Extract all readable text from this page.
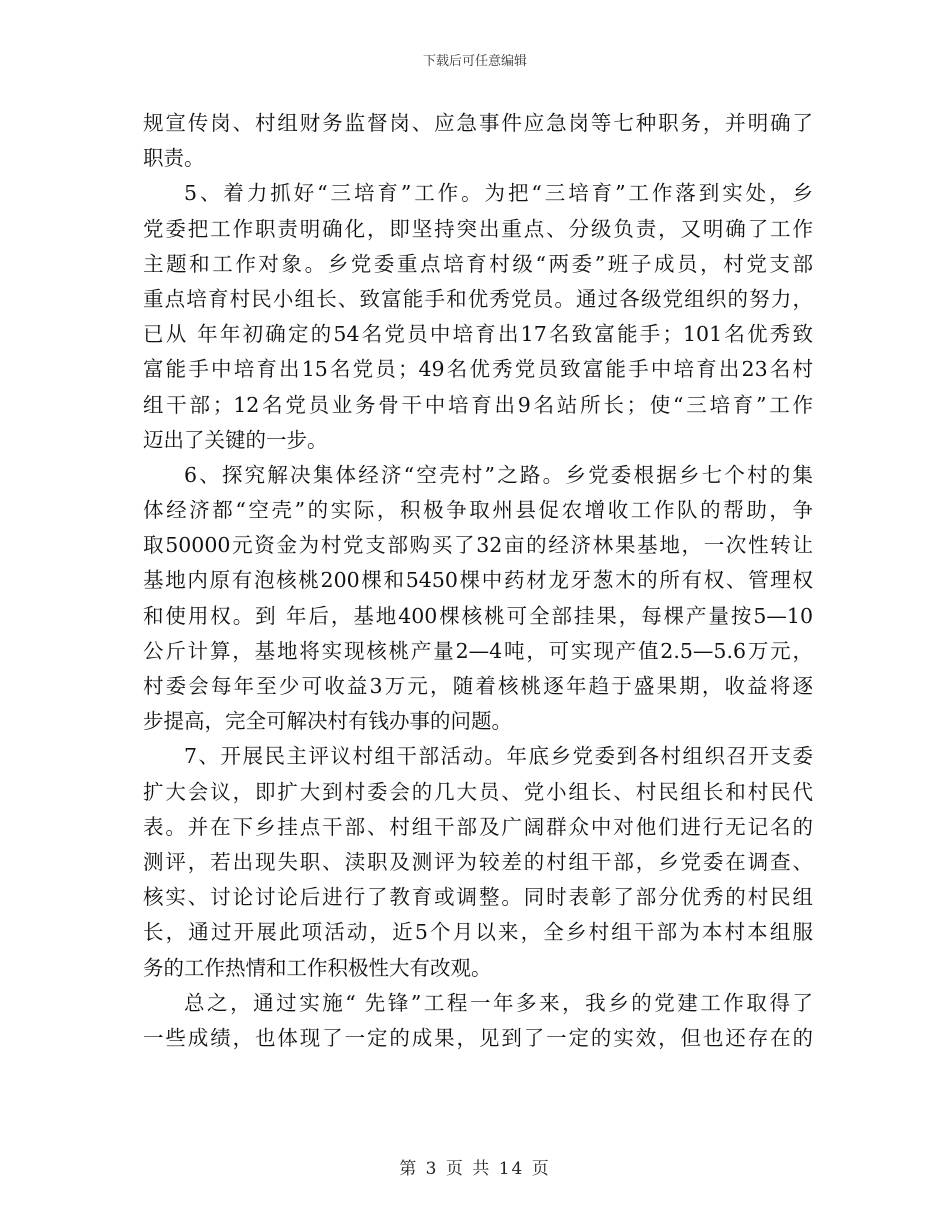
下载后可任意编辑
规宣传岗、村组财务监督岗、应急事件应急岗等七种职务，并明确了
职责。
5、着力抓好“三培育”工作。为把“三培育”工作落到实处，乡
党委把工作职责明确化，即坚持突出重点、分级负责，又明确了工作
主题和工作对象。乡党委重点培育村级“两委”班子成员，村党支部
重点培育村民小组长、致富能手和优秀党员。通过各级党组织的努力，
已从 年年初确定的54名党员中培育出17名致富能手；101名优秀致
富能手中培育出15名党员；49名优秀党员致富能手中培育出23名村
组干部；12名党员业务骨干中培育出9名站所长；使“三培育”工作
迈出了关键的一步。
6、探究解决集体经济“空壳村”之路。乡党委根据乡七个村的集
体经济都“空壳”的实际，积极争取州县促农增收工作队的帮助，争
取50000元资金为村党支部购买了32亩的经济林果基地，一次性转让
基地内原有泡核桃200棵和5450棵中药材龙牙葱木的所有权、管理权
和使用权。到 年后，基地400棵核桃可全部挂果，每棵产量按5—10
公斤计算，基地将实现核桃产量2—4吨，可实现产值2.5—5.6万元，
村委会每年至少可收益3万元，随着核桃逐年趋于盛果期，收益将逐
步提高，完全可解决村有钱办事的问题。
7、开展民主评议村组干部活动。年底乡党委到各村组织召开支委
扩大会议，即扩大到村委会的几大员、党小组长、村民组长和村民代
表。并在下乡挂点干部、村组干部及广阔群众中对他们进行无记名的
测评，若出现失职、渎职及测评为较差的村组干部，乡党委在调查、
核实、讨论讨论后进行了教育或调整。同时表彰了部分优秀的村民组
长，通过开展此项活动，近5个月以来，全乡村组干部为本村本组服
务的工作热情和工作积极性大有改观。
总之，通过实施“ 先锋”工程一年多来，我乡的党建工作取得了
一些成绩，也体现了一定的成果，见到了一定的实效，但也还存在的
第 3 页 共 14 页
